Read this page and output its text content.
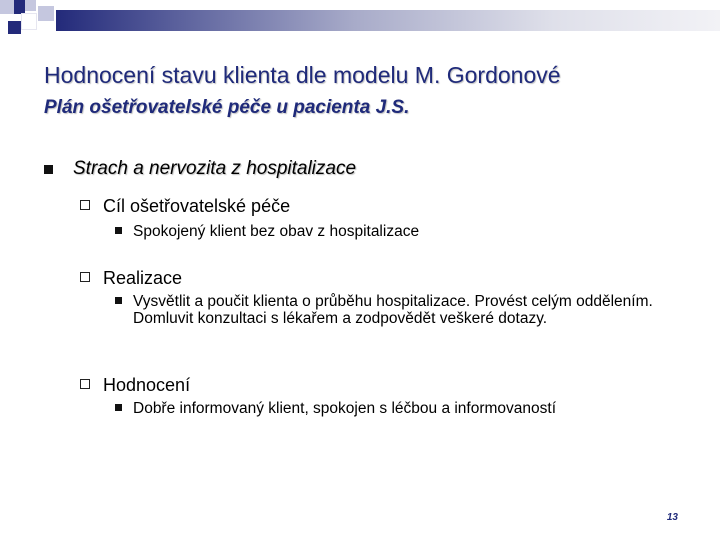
Hodnocení stavu klienta dle modelu M. Gordonové
Plán ošetřovatelské péče u pacienta J.S.
Strach a nervozita z hospitalizace
Cíl ošetřovatelské péče
Spokojený klient bez obav z hospitalizace
Realizace
Vysvětlit a poučit klienta o průběhu hospitalizace. Provést celým oddělením. Domluvit konzultaci s lékařem a zodpovědět veškeré dotazy.
Hodnocení
Dobře informovaný klient, spokojen s léčbou a informovaností
13
